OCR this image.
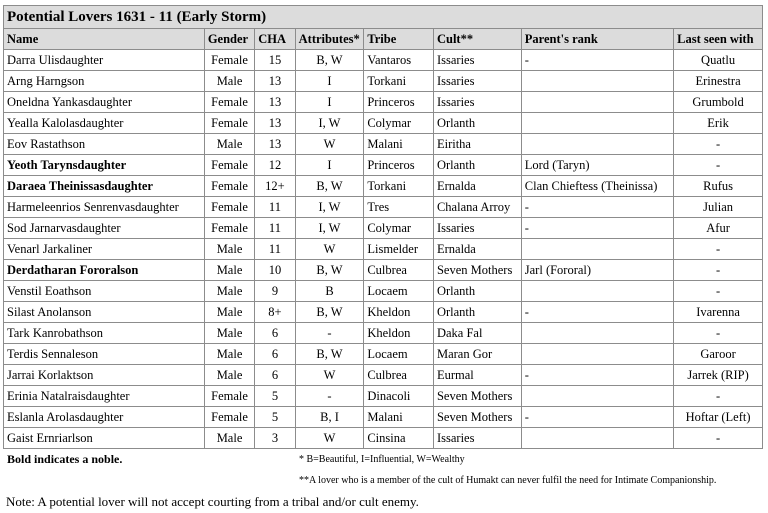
Potential Lovers 1631 - 11 (Early Storm)
Name	Gender	CHA	Attributes*	Tribe	Cult**	Parent's rank	Last seen with
Darra Ulisdaughter	Female	15	B, W	Vantaros	Issaries	-	Quatlu
Arng Harngson	Male	13	I	Torkani	Issaries		Erinestra
Oneldna Yankasdaughter	Female	13	I	Princeros	Issaries		Grumbold
Yealla Kalolasdaughter	Female	13	I, W	Colymar	Orlanth		Erik
Eov Rastathson	Male	13	W	Malani	Eiritha		-
Yeoth Tarynsdaughter	Female	12	I	Princeros	Orlanth	Lord (Taryn)	-
Daraea Theinissasdaughter	Female	12+	B, W	Torkani	Ernalda	Clan Chieftess (Theinissa)	Rufus
Harmeleenrios Senrenvasdaughter	Female	11	I, W	Tres	Chalana Arroy	-	Julian
Sod Jarnarvasdaughter	Female	11	I, W	Colymar	Issaries	-	Afur
Venarl Jarkaliner	Male	11	W	Lismelder	Ernalda		-
Derdatharan Fororalson	Male	10	B, W	Culbrea	Seven Mothers	Jarl (Fororal)	-
Venstil Eoathson	Male	9	B	Locaem	Orlanth		-
Silast Anolanson	Male	8+	B, W	Kheldon	Orlanth	-	Ivarenna
Tark Kanrobathson	Male	6	-	Kheldon	Daka Fal		-
Terdis Sennaleson	Male	6	B, W	Locaem	Maran Gor		Garoor
Jarrai Korlaktson	Male	6	W	Culbrea	Eurmal	-	Jarrek (RIP)
Erinia Natalraisdaughter	Female	5	-	Dinacoli	Seven Mothers		-
Eslanla Arolasdaughter	Female	5	B, I	Malani	Seven Mothers	-	Hoftar (Left)
Gaist Ernriarlson	Male	3	W	Cinsina	Issaries		-
Bold indicates a noble.	* B=Beautiful, I=Influential, W=Wealthy
**A lover who is a member of the cult of Humakt can never fulfil the need for Intimate Companionship.
Note: A potential lover will not accept courting from a tribal and/or cult enemy.
